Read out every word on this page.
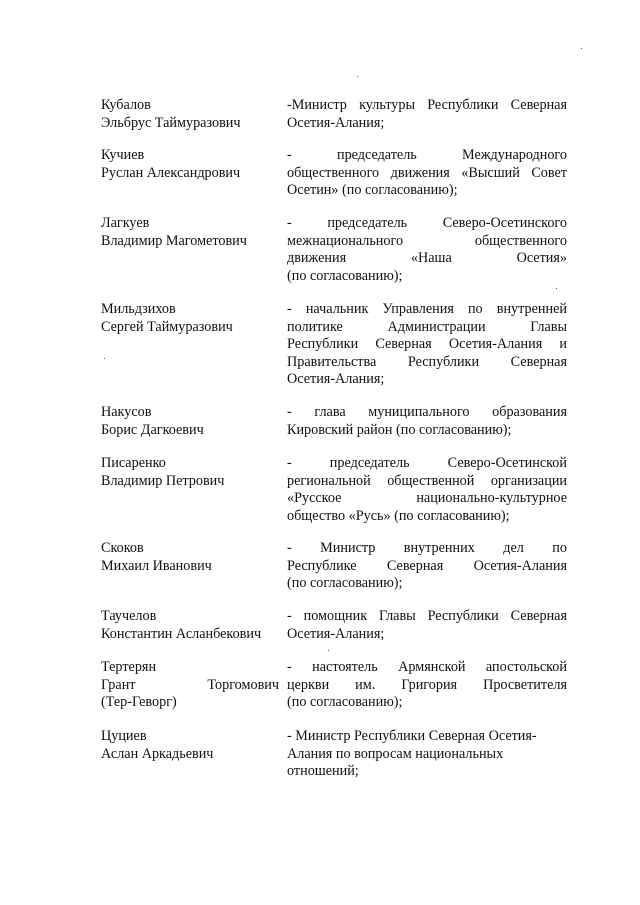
Кубалов
Эльбрус Таймуразович
-Министр культуры Республики Северная
Осетия-Алания;
Кучиев
Руслан Александрович
- председатель Международного
общественного движения «Высший Совет
Осетин» (по согласованию);
Лагкуев
Владимир Магометович
- председатель Северо-Осетинского
межнационального общественного
движения «Наша Осетия»
(по согласованию);
Мильдзихов
Сергей Таймуразович
- начальник Управления по внутренней
политике Администрации Главы
Республики Северная Осетия-Алания и
Правительства Республики Северная
Осетия-Алания;
Накусов
Борис Дагкоевич
- глава муниципального образования
Кировский район (по согласованию);
Писаренко
Владимир Петрович
- председатель Северо-Осетинской
региональной общественной организации
«Русское национально-культурное
общество «Русь» (по согласованию);
Скоков
Михаил Иванович
- Министр внутренних дел по
Республике Северная Осетия-Алания
(по согласованию);
Таучелов
Константин Асланбекович
- помощник Главы Республики Северная
Осетия-Алания;
Тертерян
Грант	Торгомович
(Тер-Геворг)
- настоятель Армянской апостольской
церкви им. Григория Просветителя
(по согласованию);
Цуциев
Аслан Аркадьевич
- Министр Республики Северная Осетия-
Алания по вопросам национальных
отношений;
